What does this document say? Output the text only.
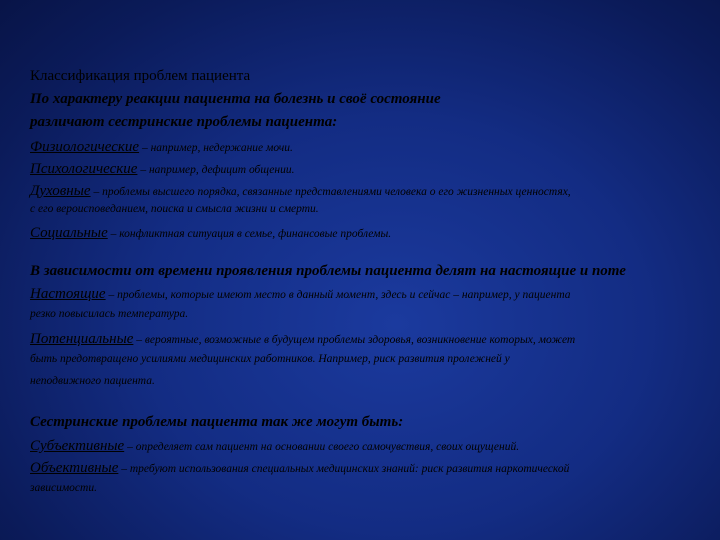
Классификация проблем пациента
По характеру реакции пациента на болезнь и своё состояние
различают сестринские проблемы пациента:
Физиологические – например, недержание мочи.
Психологические – например, дефицит общении.
Духовные – проблемы высшего порядка, связанные представлениями человека о его жизненных ценностях,
с его вероисповеданием, поиска и смысла жизни и смерти.
Социальные – конфликтная ситуация в семье, финансовые проблемы.
В зависимости от времени проявления проблемы пациента делят на настоящие и поте
Настоящие – проблемы, которые имеют место в данный момент, здесь и сейчас – например, у пациента
резко повысилась температура.
Потенциальные – вероятные, возможные в будущем проблемы здоровья, возникновение которых, может
быть предотвращено усилиями медицинских работников. Например, риск развития пролежней у
неподвижного пациента.
Сестринские проблемы пациента так же могут быть:
Субъективные – определяет сам пациент на основании своего самочувствия, своих ощущений.
Объективные – требуют использования специальных медицинских знаний: риск развития наркотической
зависимости.
